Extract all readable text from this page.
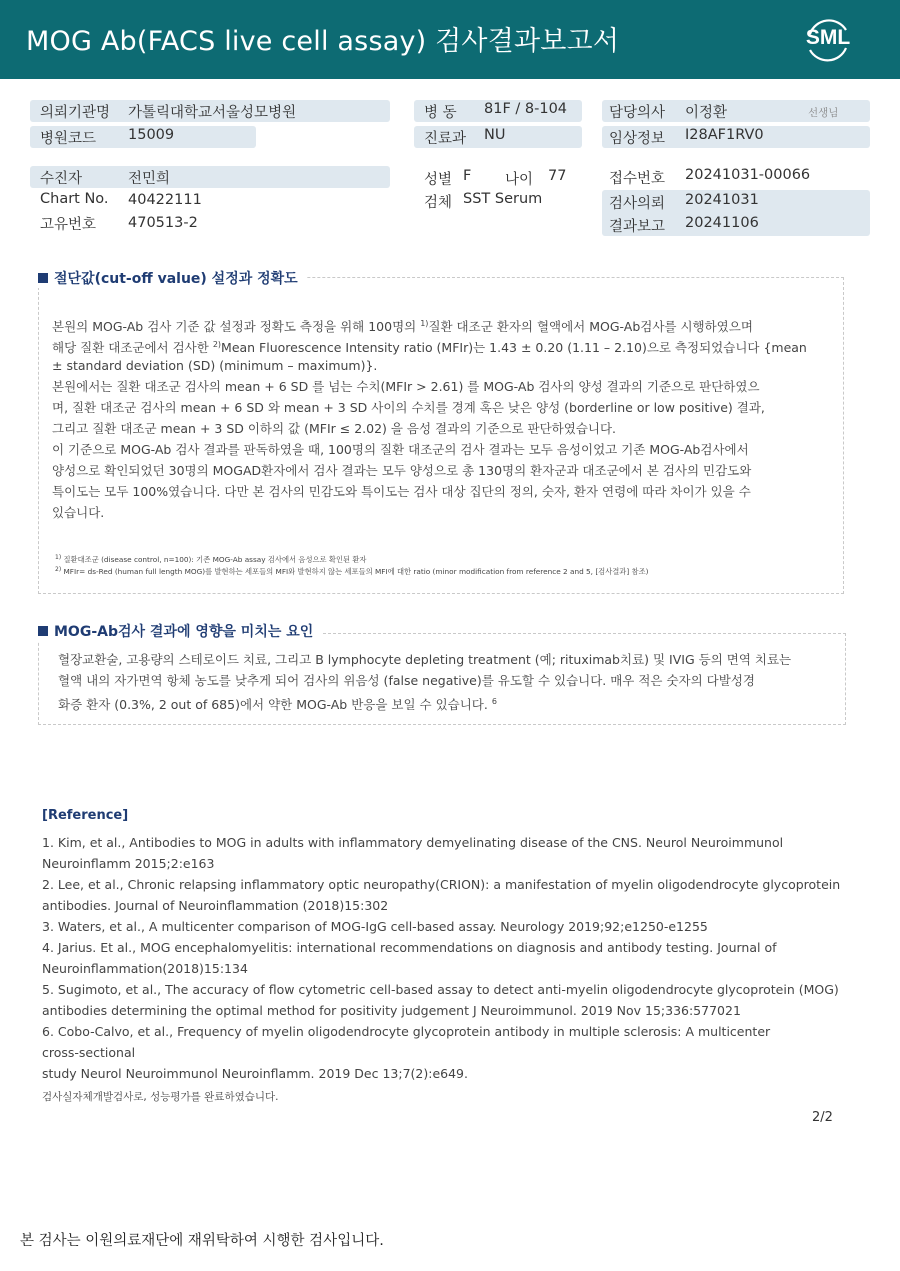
MOG Ab(FACS live cell assay) 검사결과보고서	SML
의뢰기관명 가톨릭대학교서울성모병원
병원코드 15009
병 동 81F / 8-104
진료과 NU
담당의사 이정환	선생님
임상정보 I28AF1RV0
수진자	전민희
Chart No. 40422111
고유번호 470513-2
성별 F 나이 77
검체 SST Serum
접수번호 20241031-00066
검사의뢰 20241031
결과보고 20241106
절단값(cut-off value) 설정과 정확도
본원의 MOG-Ab 검사 기준 값 설정과 정확도 측정을 위해 100명의 $^{1)}$질환 대조군 환자의 혈액에서 MOG-Ab검사를 시행하였으며
해당 질환 대조군에서 검사한 $^{2)}$Mean Fluorescence Intensity ratio (MFIr)는 1.43 ± 0.20 (1.11 – 2.10)으로 측정되었습니다 {mean
± standard deviation (SD) (minimum – maximum)}.
본원에서는 질환 대조군 검사의 mean + 6 SD 를 넘는 수치(MFIr > 2.61) 를 MOG-Ab 검사의 양성 결과의 기준으로 판단하였으
며, 질환 대조군 검사의 mean + 6 SD 와 mean + 3 SD 사이의 수치를 경계 혹은 낮은 양성 (borderline or low positive) 결과,
그리고 질환 대조군 mean + 3 SD 이하의 값 (MFIr ≤ 2.02) 을 음성 결과의 기준으로 판단하였습니다.
이 기준으로 MOG-Ab 검사 결과를 판독하였을 때, 100명의 질환 대조군의 검사 결과는 모두 음성이었고 기존 MOG-Ab검사에서
양성으로 확인되었던 30명의 MOGAD환자에서 검사 결과는 모두 양성으로 총 130명의 환자군과 대조군에서 본 검사의 민감도와
특이도는 모두 100%였습니다. 다만 본 검사의 민감도와 특이도는 검사 대상 집단의 정의, 숫자, 환자 연령에 따라 차이가 있을 수
있습니다.
$^{1)}$ 질환대조군 (disease control, n=100): 기존 MOG-Ab assay 검사에서 음성으로 확인된 환자
$^{2)}$ MFIr= ds-Red (human full length MOG)를 발현하는 세포들의 MFI와 발현하지 않는 세포들의 MFI에 대한 ratio (minor modification from reference 2 and 5, [검사결과] 참조)
MOG-Ab검사 결과에 영향을 미치는 요인
혈장교환술, 고용량의 스테로이드 치료, 그리고 B lymphocyte depleting treatment (예; rituximab치료) 및 IVIG 등의 면역 치료는
혈액 내의 자가면역 항체 농도를 낮추게 되어 검사의 위음성 (false negative)를 유도할 수 있습니다. 매우 적은 숫자의 다발성경
화증 환자 (0.3%, 2 out of 685)에서 약한 MOG-Ab 반응을 보일 수 있습니다. $^6$
[Reference]
1. Kim, et al., Antibodies to MOG in adults with inflammatory demyelinating disease of the CNS. Neurol Neuroimmunol
Neuroinflamm 2015;2:e163
2. Lee, et al., Chronic relapsing inflammatory optic neuropathy(CRION): a manifestation of myelin oligodendrocyte glycoprotein
antibodies. Journal of Neuroinflammation (2018)15:302
3. Waters, et al., A multicenter comparison of MOG-IgG cell-based assay. Neurology 2019;92;e1250-e1255
4. Jarius. Et al., MOG encephalomyelitis: international recommendations on diagnosis and antibody testing. Journal of
Neuroinflammation(2018)15:134
5. Sugimoto, et al., The accuracy of flow cytometric cell-based assay to detect anti-myelin oligodendrocyte glycoprotein (MOG)
antibodies determining the optimal method for positivity judgement J Neuroimmunol. 2019 Nov 15;336:577021
6. Cobo-Calvo, et al., Frequency of myelin oligodendrocyte glycoprotein antibody in multiple sclerosis: A multicenter
cross-sectional
study Neurol Neuroimmunol Neuroinflamm. 2019 Dec 13;7(2):e649.
검사실자체개발검사로, 성능평가를 완료하였습니다.
2/2
본 검사는 이원의료재단에 재위탁하여 시행한 검사입니다.
